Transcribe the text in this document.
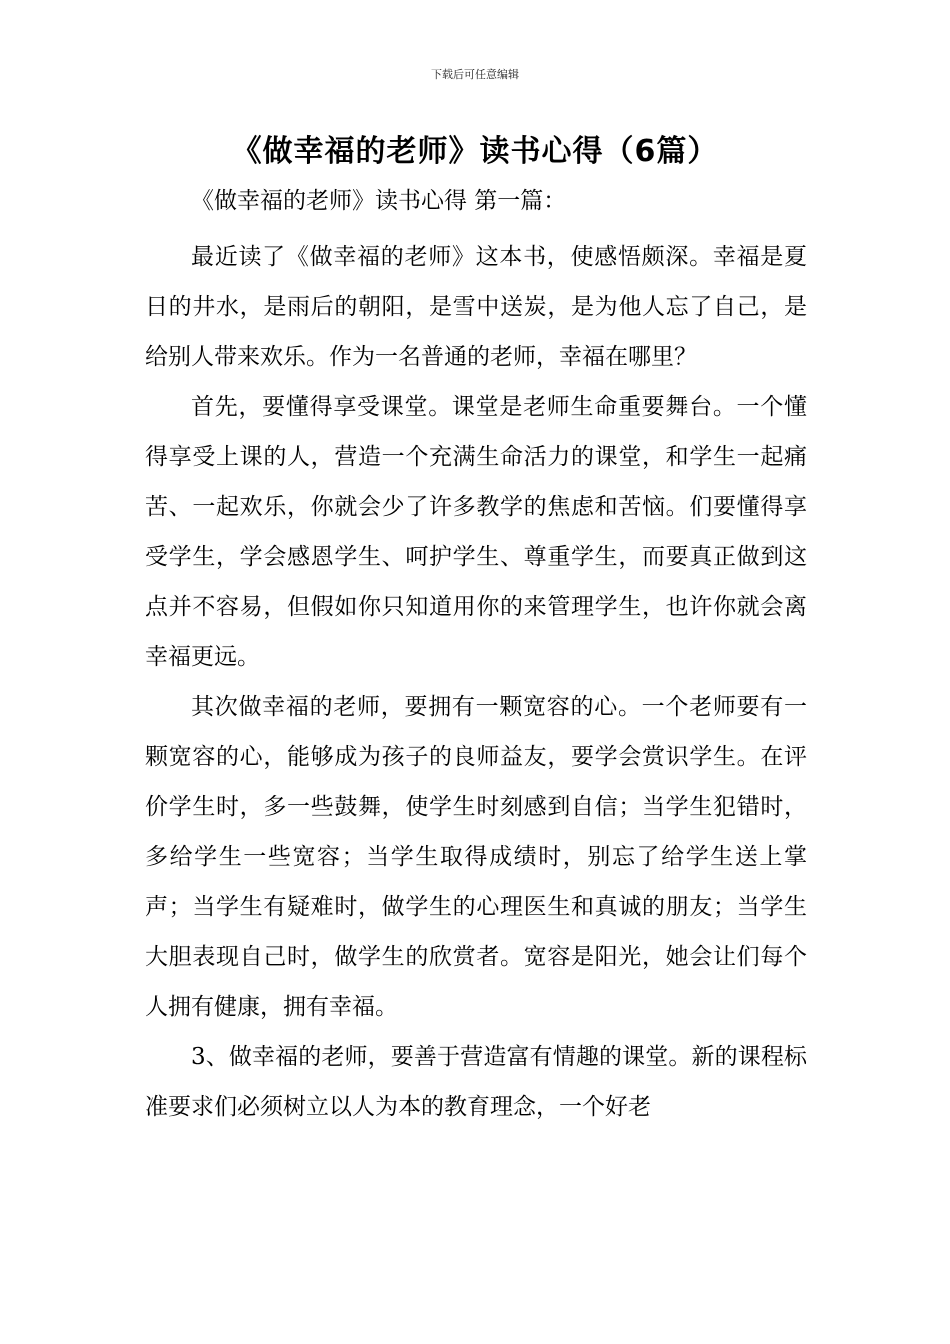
下载后可任意编辑
《做幸福的老师》读书心得（6篇）

《做幸福的老师》读书心得 第一篇：

最近读了《做幸福的老师》这本书，使感悟颇深。幸福是夏日的井水，是雨后的朝阳，是雪中送炭，是为他人忘了自己，是给别人带来欢乐。作为一名普通的老师，幸福在哪里？

首先，要懂得享受课堂。课堂是老师生命重要舞台。一个懂得享受上课的人，营造一个充满生命活力的课堂，和学生一起痛苦、一起欢乐，你就会少了许多教学的焦虑和苦恼。们要懂得享受学生，学会感恩学生、呵护学生、尊重学生，而要真正做到这点并不容易，但假如你只知道用你的来管理学生，也许你就会离幸福更远。

其次做幸福的老师，要拥有一颗宽容的心。一个老师要有一颗宽容的心，能够成为孩子的良师益友，要学会赏识学生。在评价学生时，多一些鼓舞，使学生时刻感到自信；当学生犯错时，多给学生一些宽容；当学生取得成绩时，别忘了给学生送上掌声；当学生有疑难时，做学生的心理医生和真诚的朋友；当学生大胆表现自己时，做学生的欣赏者。宽容是阳光，她会让们每个人拥有健康，拥有幸福。

3、做幸福的老师，要善于营造富有情趣的课堂。新的课程标准要求们必须树立以人为本的教育理念，一个好老
